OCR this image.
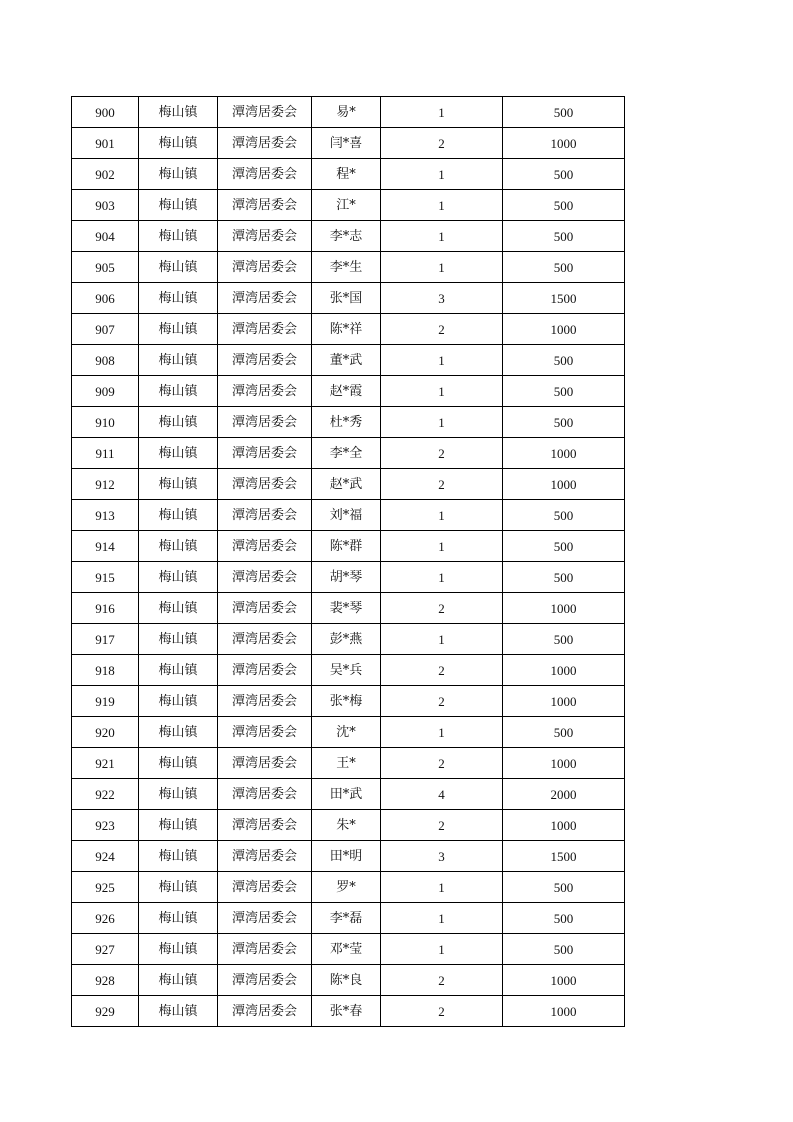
900	梅山镇	潭湾居委会	易*	1	500
901	梅山镇	潭湾居委会	闫*喜	2	1000
902	梅山镇	潭湾居委会	程*	1	500
903	梅山镇	潭湾居委会	江*	1	500
904	梅山镇	潭湾居委会	李*志	1	500
905	梅山镇	潭湾居委会	李*生	1	500
906	梅山镇	潭湾居委会	张*国	3	1500
907	梅山镇	潭湾居委会	陈*祥	2	1000
908	梅山镇	潭湾居委会	董*武	1	500
909	梅山镇	潭湾居委会	赵*霞	1	500
910	梅山镇	潭湾居委会	杜*秀	1	500
911	梅山镇	潭湾居委会	李*全	2	1000
912	梅山镇	潭湾居委会	赵*武	2	1000
913	梅山镇	潭湾居委会	刘*福	1	500
914	梅山镇	潭湾居委会	陈*群	1	500
915	梅山镇	潭湾居委会	胡*琴	1	500
916	梅山镇	潭湾居委会	裴*琴	2	1000
917	梅山镇	潭湾居委会	彭*燕	1	500
918	梅山镇	潭湾居委会	吴*兵	2	1000
919	梅山镇	潭湾居委会	张*梅	2	1000
920	梅山镇	潭湾居委会	沈*	1	500
921	梅山镇	潭湾居委会	王*	2	1000
922	梅山镇	潭湾居委会	田*武	4	2000
923	梅山镇	潭湾居委会	朱*	2	1000
924	梅山镇	潭湾居委会	田*明	3	1500
925	梅山镇	潭湾居委会	罗*	1	500
926	梅山镇	潭湾居委会	李*磊	1	500
927	梅山镇	潭湾居委会	邓*莹	1	500
928	梅山镇	潭湾居委会	陈*良	2	1000
929	梅山镇	潭湾居委会	张*春	2	1000
